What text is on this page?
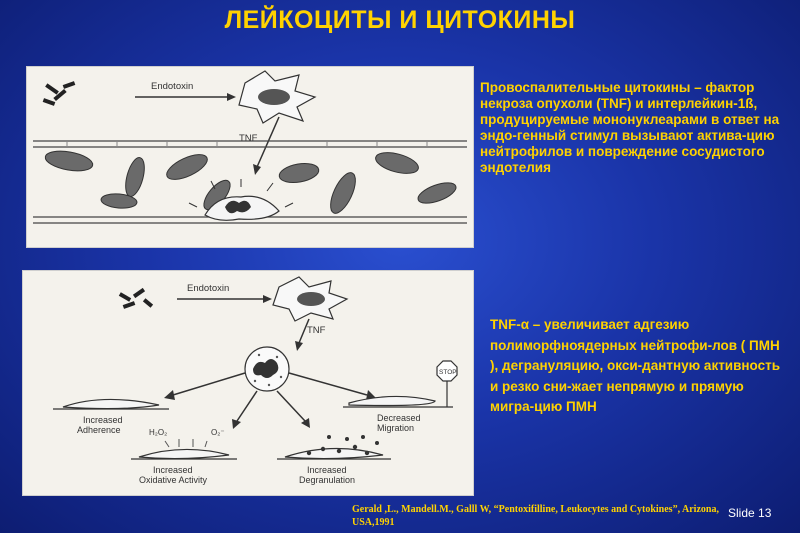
ЛЕЙКОЦИТЫ И ЦИТОКИНЫ
Endotoxin
TNF
Endotoxin
TNF
Increased
Adherence
STOP
Decreased
Migration
H₂O₂	O₂⁻
Increased
Oxidative Activity
Increased
Degranulation
Провоспалительные цитокины – фактор некроза опухоли (TNF) и интерлейкин-1ß, продуцируемые мононуклеарами в ответ на эндо-генный стимул вызывают актива-цию нейтрофилов и повреждение сосудистого эндотелия
TNF-α – увеличивает адгезию полиморфноядерных нейтрофи-лов ( ПМН ), дегрануляцию, окси-дантную активность и резко сни-жает непрямую и прямую мигра-цию ПМН
Gerald ,L., Mandell.M., Galll W, “Pentoxifilline, Leukocytes and Cytokines”, Arizona, USA,1991
Slide 13
